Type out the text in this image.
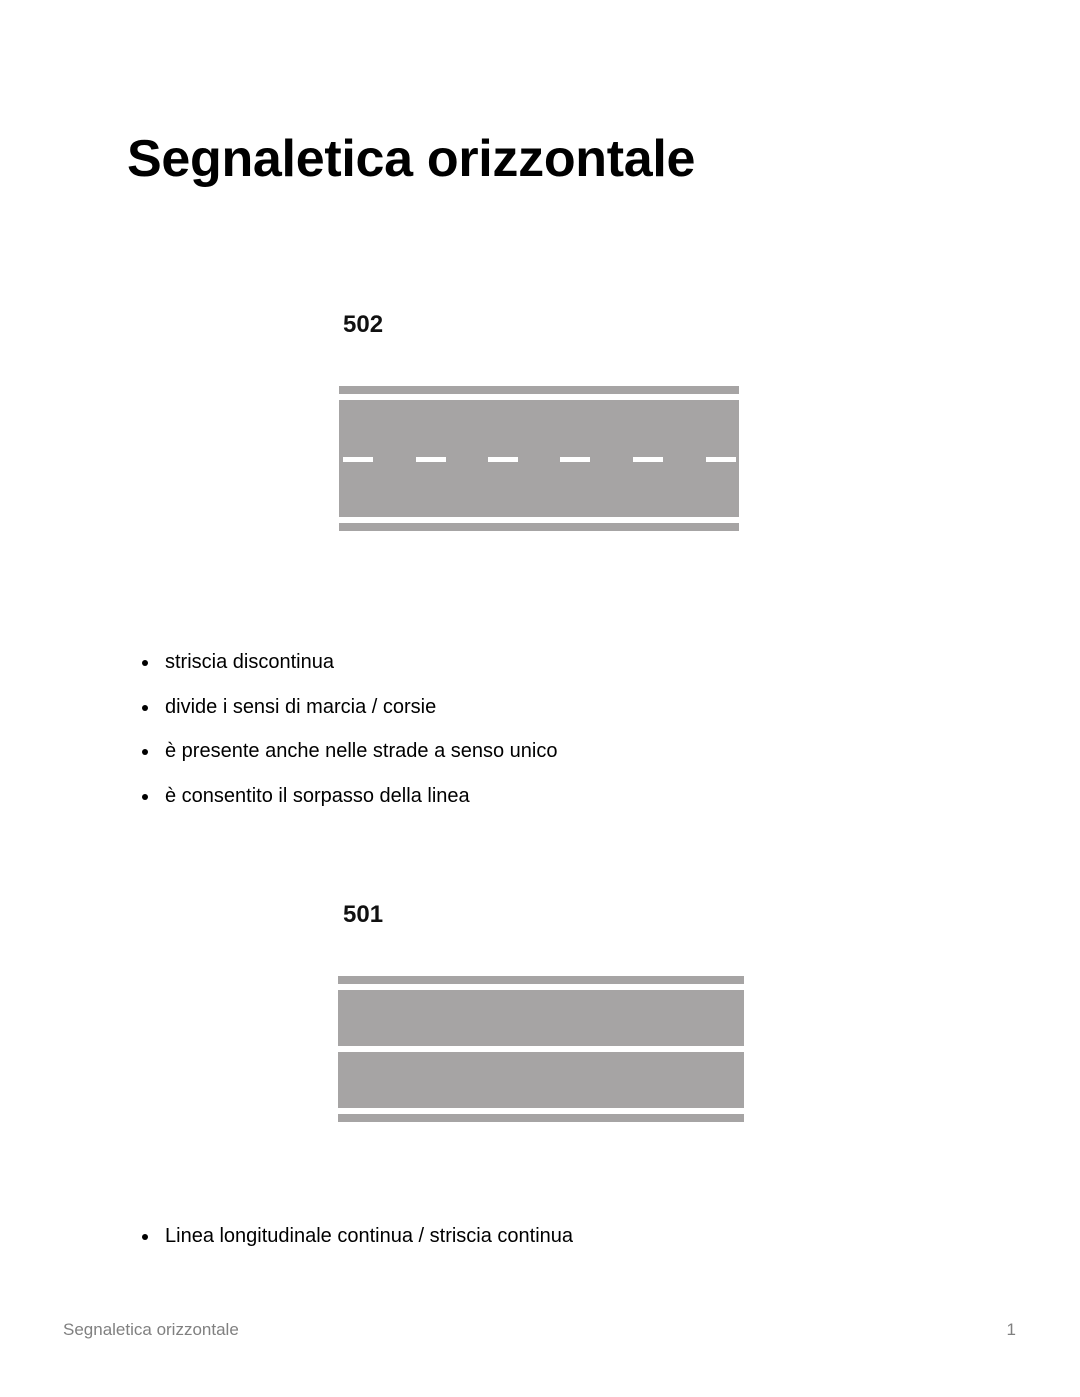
Segnaletica orizzontale
502
striscia discontinua
divide i sensi di marcia / corsie
è presente anche nelle strade a senso unico
è consentito il sorpasso della linea
501
Linea longitudinale continua / striscia continua
Segnaletica orizzontale	1
